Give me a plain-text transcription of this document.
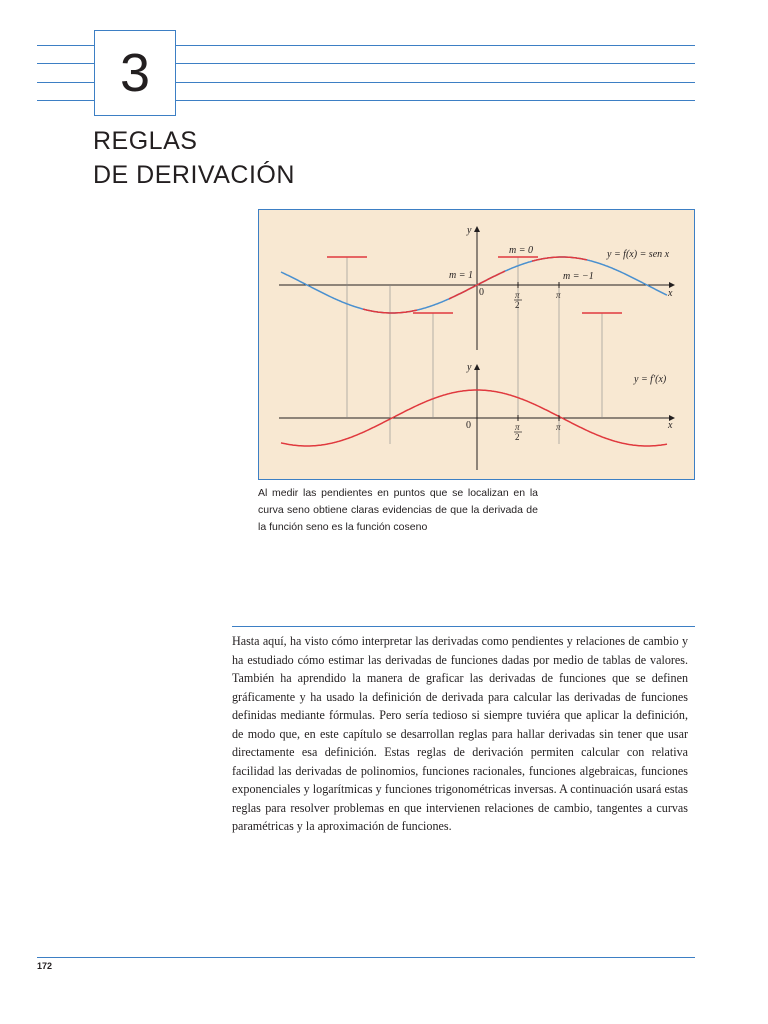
3
REGLAS
DE DERIVACIÓN
y
x
0
y = f(x) = sen x
m = 1
m = 0
m = −1
π
2
π
y
x
0
y = f′(x)
π
2
π
Al medir las pendientes en puntos que se localizan en la curva seno obtiene claras evidencias de que la derivada de la función seno es la función coseno
Hasta aquí, ha visto cómo interpretar las derivadas como pendientes y relaciones de cambio y ha estudiado cómo estimar las derivadas de funciones dadas por medio de tablas de valores. También ha aprendido la manera de graficar las derivadas de funciones que se definen gráficamente y ha usado la definición de derivada para calcular las derivadas de funciones definidas mediante fórmulas. Pero sería tedioso si siempre tuviéra que aplicar la definición, de modo que, en este capítulo se desarrollan reglas para hallar derivadas sin tener que usar directamente esa definición. Estas reglas de derivación permiten calcular con relativa facilidad las derivadas de polinomios, funciones racionales, funciones algebraicas, funciones exponenciales y logarítmicas y funciones trigonométricas inversas. A continuación usará estas reglas para resolver problemas en que intervienen relaciones de cambio, tangentes a curvas paramétricas y la aproximación de funciones.
172
